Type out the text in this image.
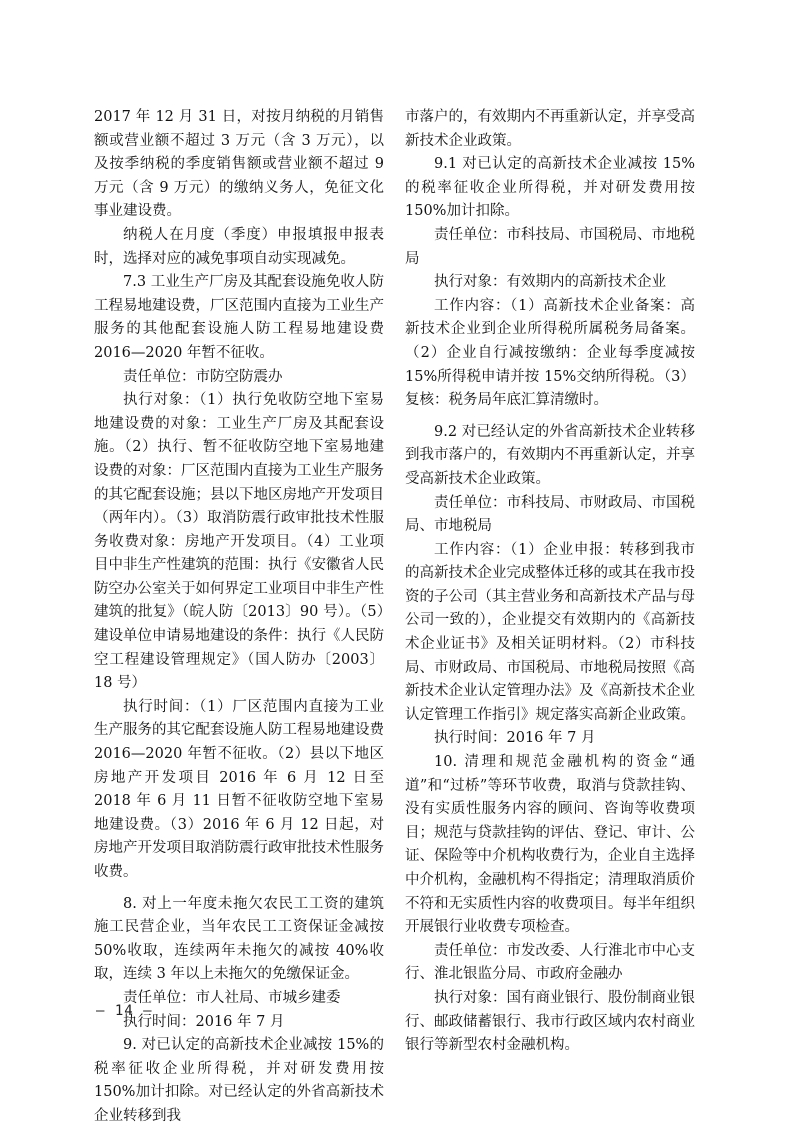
2017 年 12 月 31 日，对按月纳税的月销售额或营业额不超过 3 万元（含 3 万元），以及按季纳税的季度销售额或营业额不超过 9 万元（含 9 万元）的缴纳义务人，免征文化事业建设费。

纳税人在月度（季度）申报填报申报表时，选择对应的减免事项自动实现减免。

7.3 工业生产厂房及其配套设施免收人防工程易地建设费，厂区范围内直接为工业生产服务的其他配套设施人防工程易地建设费 2016—2020 年暂不征收。

责任单位：市防空防震办

执行对象：（1）执行免收防空地下室易地建设费的对象：工业生产厂房及其配套设施。（2）执行、暂不征收防空地下室易地建设费的对象：厂区范围内直接为工业生产服务的其它配套设施；县以下地区房地产开发项目（两年内）。（3）取消防震行政审批技术性服务收费对象：房地产开发项目。（4）工业项目中非生产性建筑的范围：执行《安徽省人民防空办公室关于如何界定工业项目中非生产性建筑的批复》（皖人防〔2013〕90 号）。（5）建设单位申请易地建设的条件：执行《人民防空工程建设管理规定》（国人防办〔2003〕18 号）

执行时间：（1）厂区范围内直接为工业生产服务的其它配套设施人防工程易地建设费 2016—2020 年暂不征收。（2）县以下地区房地产开发项目 2016 年 6 月 12 日至 2018 年 6 月 11 日暂不征收防空地下室易地建设费。（3）2016 年 6 月 12 日起，对房地产开发项目取消防震行政审批技术性服务收费。

8. 对上一年度未拖欠农民工工资的建筑施工民营企业，当年农民工工资保证金减按 50%收取，连续两年未拖欠的减按 40%收取，连续 3 年以上未拖欠的免缴保证金。

责任单位：市人社局、市城乡建委

执行时间：2016 年 7 月

9. 对已认定的高新技术企业减按 15%的税率征收企业所得税，并对研发费用按 150%加计扣除。对已经认定的外省高新技术企业转移到我

市落户的，有效期内不再重新认定，并享受高新技术企业政策。

9.1 对已认定的高新技术企业减按 15%的税率征收企业所得税，并对研发费用按 150%加计扣除。

责任单位：市科技局、市国税局、市地税局

执行对象：有效期内的高新技术企业

工作内容：（1）高新技术企业备案：高新技术企业到企业所得税所属税务局备案。（2）企业自行减按缴纳：企业每季度减按 15%所得税申请并按 15%交纳所得税。（3）复核：税务局年底汇算清缴时。

9.2 对已经认定的外省高新技术企业转移到我市落户的，有效期内不再重新认定，并享受高新技术企业政策。

责任单位：市科技局、市财政局、市国税局、市地税局

工作内容：（1）企业申报：转移到我市的高新技术企业完成整体迁移的或其在我市投资的子公司（其主营业务和高新技术产品与母公司一致的），企业提交有效期内的《高新技术企业证书》及相关证明材料。（2）市科技局、市财政局、市国税局、市地税局按照《高新技术企业认定管理办法》及《高新技术企业认定管理工作指引》规定落实高新企业政策。

执行时间：2016 年 7 月

10. 清理和规范金融机构的资金“通道”和“过桥”等环节收费，取消与贷款挂钩、没有实质性服务内容的顾问、咨询等收费项目；规范与贷款挂钩的评估、登记、审计、公证、保险等中介机构收费行为，企业自主选择中介机构，金融机构不得指定；清理取消质价不符和无实质性内容的收费项目。每半年组织开展银行业收费专项检查。

责任单位：市发改委、人行淮北市中心支行、淮北银监分局、市政府金融办

执行对象：国有商业银行、股份制商业银行、邮政储蓄银行、我市行政区域内农村商业银行等新型农村金融机构。

– 14 –
